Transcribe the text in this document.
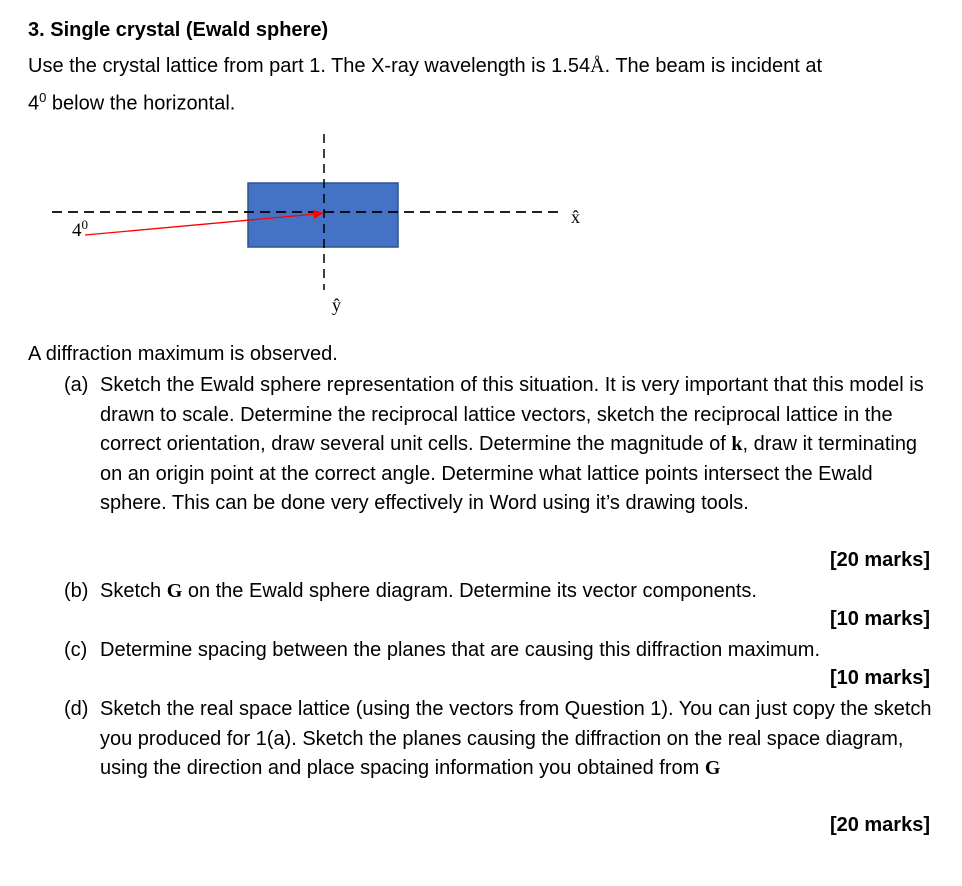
3. Single crystal (Ewald sphere)
Use the crystal lattice from part 1. The X-ray wavelength is 1.54Å. The beam is incident at
$4^0$ below the horizontal.
$4^0$	x̂
ŷ
A diffraction maximum is observed.
(a) Sketch the Ewald sphere representation of this situation. It is very important that this model is drawn to scale. Determine the reciprocal lattice vectors, sketch the reciprocal lattice in the correct orientation, draw several unit cells. Determine the magnitude of k, draw it terminating on an origin point at the correct angle. Determine what lattice points intersect the Ewald sphere. This can be done very effectively in Word using it’s drawing tools.
[20 marks]
(b) Sketch G on the Ewald sphere diagram. Determine its vector components.
[10 marks]
(c) Determine spacing between the planes that are causing this diffraction maximum.
[10 marks]
(d) Sketch the real space lattice (using the vectors from Question 1). You can just copy the sketch you produced for 1(a). Sketch the planes causing the diffraction on the real space diagram, using the direction and place spacing information you obtained from G
[20 marks]
